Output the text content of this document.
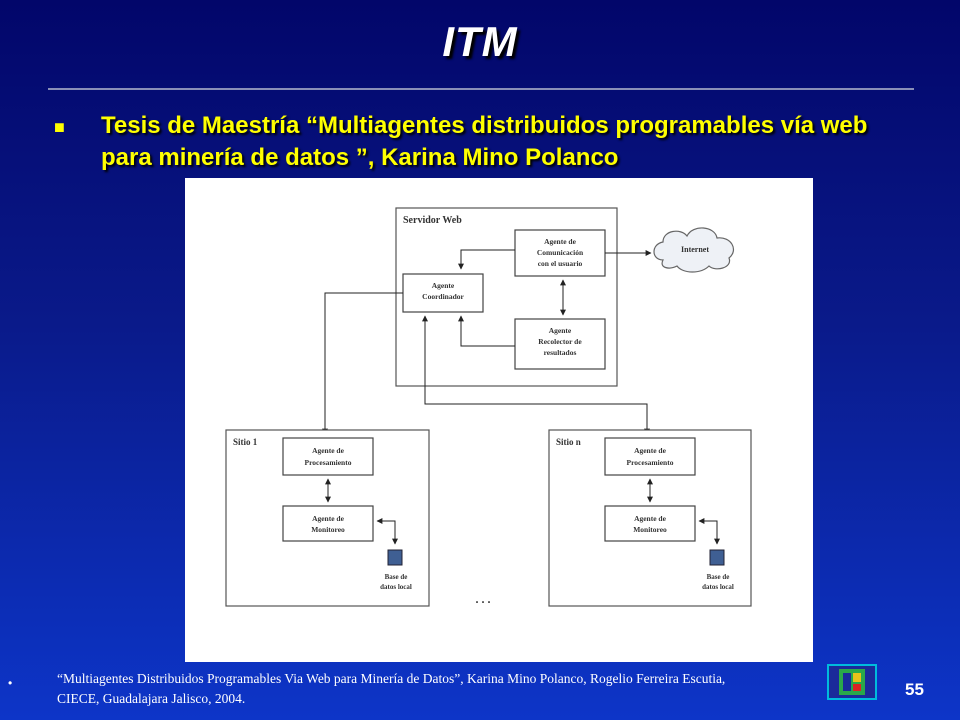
ITM
■ Tesis de Maestría “Multiagentes distribuidos programables vía web para minería de datos ”, Karina Mino Polanco
Servidor Web
Agente
Coordinador
Agente de
Comunicación
con el usuario
Agente
Recolector de
resultados
Internet
Sitio 1
Agente de
Procesamiento
Agente de
Monitoreo
Base de
datos local
Sitio n
Agente de
Procesamiento
Agente de
Monitoreo
Base de
datos local
. . .
•	“Multiagentes Distribuidos Programables Via Web para Minería de Datos”, Karina Mino Polanco, Rogelio Ferreira Escutia, CIECE, Guadalajara Jalisco, 2004.	55
